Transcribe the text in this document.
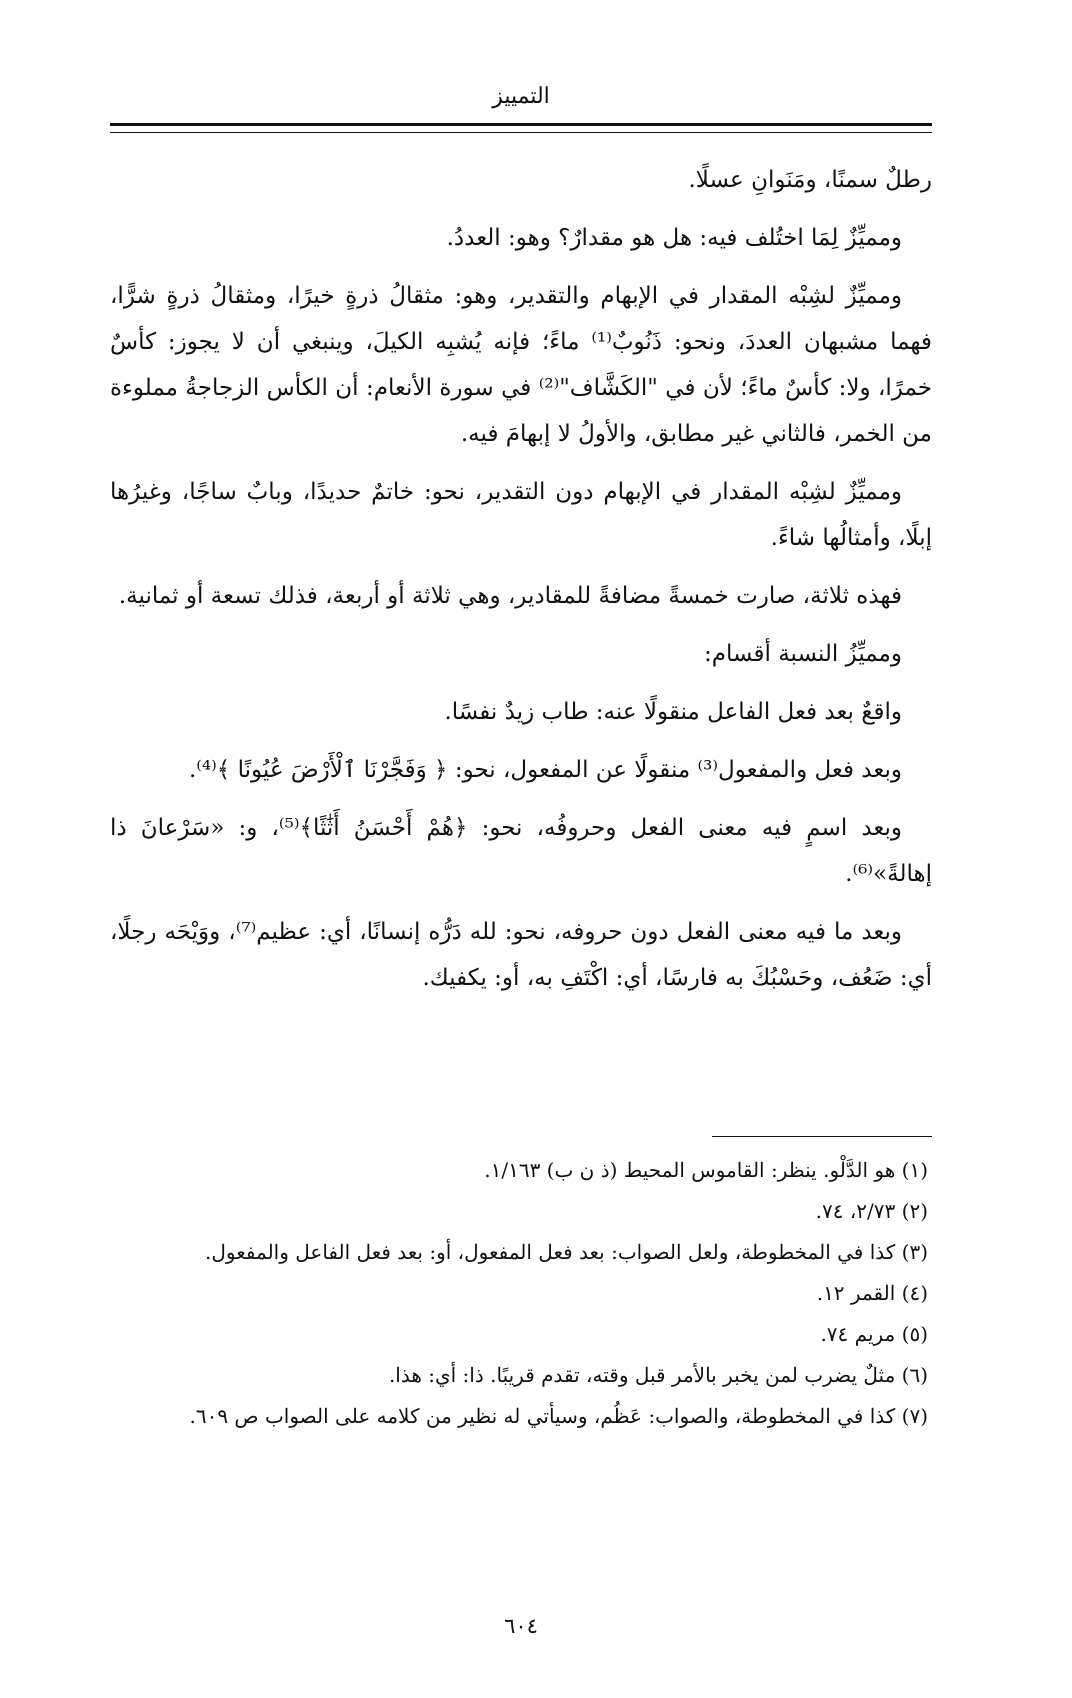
التمييز

رطلٌ سمنًا، ومَنَوانِ عسلًا.

ومميِّزٌ لِمَا اختُلف فيه: هل هو مقدارٌ؟ وهو: العددُ.

ومميِّزٌ لشِبْه المقدار في الإبهام والتقدير، وهو: مثقالُ ذرةٍ خيرًا، ومثقالُ ذرةٍ شرًّا، فهما مشبهان العددَ، ونحو: ذَنُوبٌ⁽¹⁾ ماءً؛ فإنه يُشبِه الكيلَ، وينبغي أن لا يجوز: كأسٌ خمرًا، ولا: كأسٌ ماءً؛ لأن في "الكَشَّاف"⁽²⁾ في سورة الأنعام: أن الكأس الزجاجةُ مملوءة من الخمر، فالثاني غير مطابق، والأولُ لا إبهامَ فيه.

ومميِّزٌ لشِبْه المقدار في الإبهام دون التقدير، نحو: خاتمٌ حديدًا، وبابٌ ساجًا، وغيرُها إبلًا، وأمثالُها شاءً.

فهذه ثلاثة، صارت خمسةً مضافةً للمقادير، وهي ثلاثة أو أربعة، فذلك تسعة أو ثمانية.

ومميِّزُ النسبة أقسام:

واقعٌ بعد فعل الفاعل منقولًا عنه: طاب زيدٌ نفسًا.

وبعد فعل والمفعول⁽³⁾ منقولًا عن المفعول، نحو: ﴿ وَفَجَّرْنَا ٱلْأَرْضَ عُيُونًا ﴾⁽⁴⁾.

وبعد اسمٍ فيه معنى الفعل وحروفُه، نحو: ﴿هُمْ أَحْسَنُ أَثَٰثًا﴾⁽⁵⁾، و: «سَرْعانَ ذا إهالةً»⁽⁶⁾.

وبعد ما فيه معنى الفعل دون حروفه، نحو: لله دَرُّه إنسانًا، أي: عظيم⁽⁷⁾، ووَيْحَه رجلًا، أي: ضَعُف، وحَسْبُكَ به فارسًا، أي: اكْتَفِ به، أو: يكفيك.

(١) هو الدَّلْو. ينظر: القاموس المحيط (ذ ن ب) ١/١٦٣.
(٢) ٢/٧٣، ٧٤.
(٣) كذا في المخطوطة، ولعل الصواب: بعد فعل المفعول، أو: بعد فعل الفاعل والمفعول.
(٤) القمر ١٢.
(٥) مريم ٧٤.
(٦) مثلٌ يضرب لمن يخبر بالأمر قبل وقته، تقدم قريبًا. ذا: أي: هذا.
(٧) كذا في المخطوطة، والصواب: عَظُم، وسيأتي له نظير من كلامه على الصواب ص ٦٠٩.
٦٠٤
